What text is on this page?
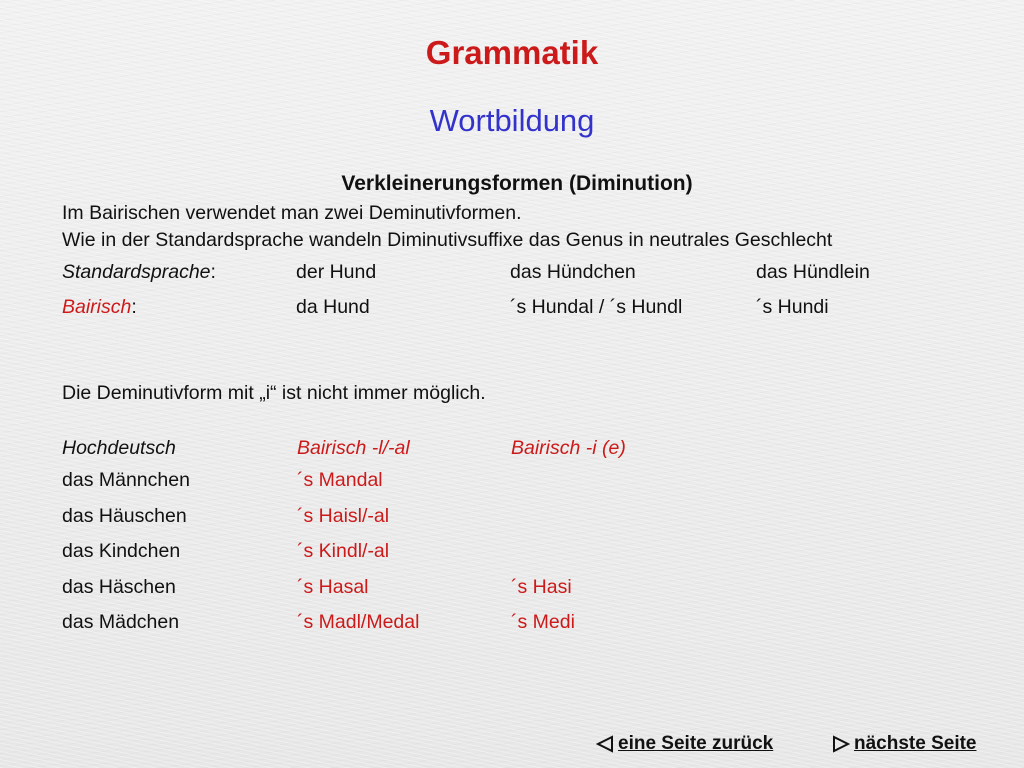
Grammatik
Wortbildung
Verkleinerungsformen (Diminution)
Im Bairischen verwendet man zwei Deminutivformen.
Wie in der Standardsprache wandeln Diminutivsuffixe das Genus in neutrales Geschlecht
Standardsprache:	der Hund	das Hündchen	das Hündlein
Bairisch:	da Hund	´s Hundal / ´s Hundl	´s Hundi
Die Deminutivform mit „i“ ist nicht immer möglich.
Hochdeutsch	Bairisch -l/-al	Bairisch -i (e)
das Männchen	´s Mandal
das Häuschen	´s Haisl/-al
das Kindchen	´s Kindl/-al
das Häschen	´s Hasal	´s Hasi
das Mädchen	´s Madl/Medal	´s Medi
eine Seite zurück	nächste Seite
